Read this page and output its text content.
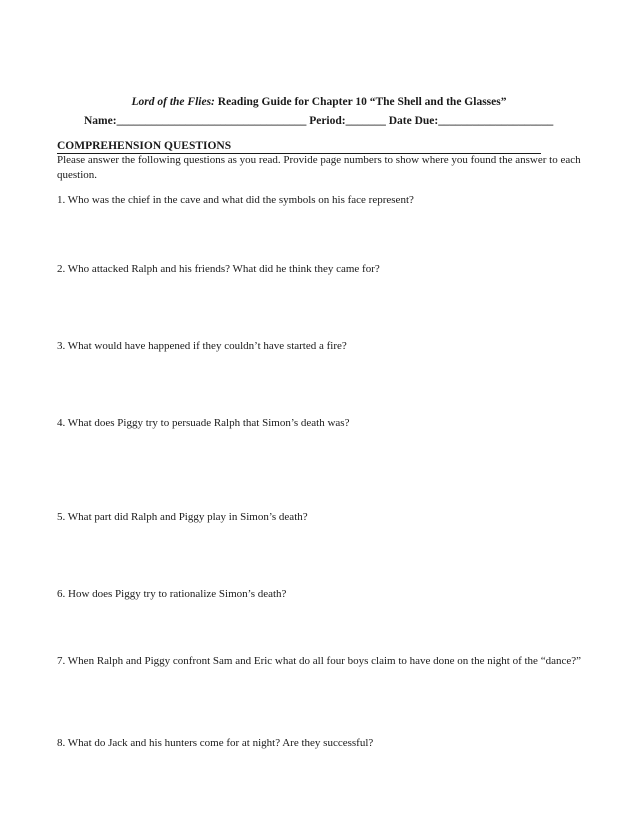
Lord of the Flies: Reading Guide for Chapter 10 “The Shell and the Glasses”
Name:_________________________________ Period:_______ Date Due:____________________
COMPREHENSION QUESTIONS
Please answer the following questions as you read. Provide page numbers to show where you found the answer to each question.
1. Who was the chief in the cave and what did the symbols on his face represent?
2. Who attacked Ralph and his friends? What did he think they came for?
3. What would have happened if they couldn’t have started a fire?
4. What does Piggy try to persuade Ralph that Simon’s death was?
5. What part did Ralph and Piggy play in Simon’s death?
6. How does Piggy try to rationalize Simon’s death?
7. When Ralph and Piggy confront Sam and Eric what do all four boys claim to have done on the night of the “dance?”
8. What do Jack and his hunters come for at night? Are they successful?
